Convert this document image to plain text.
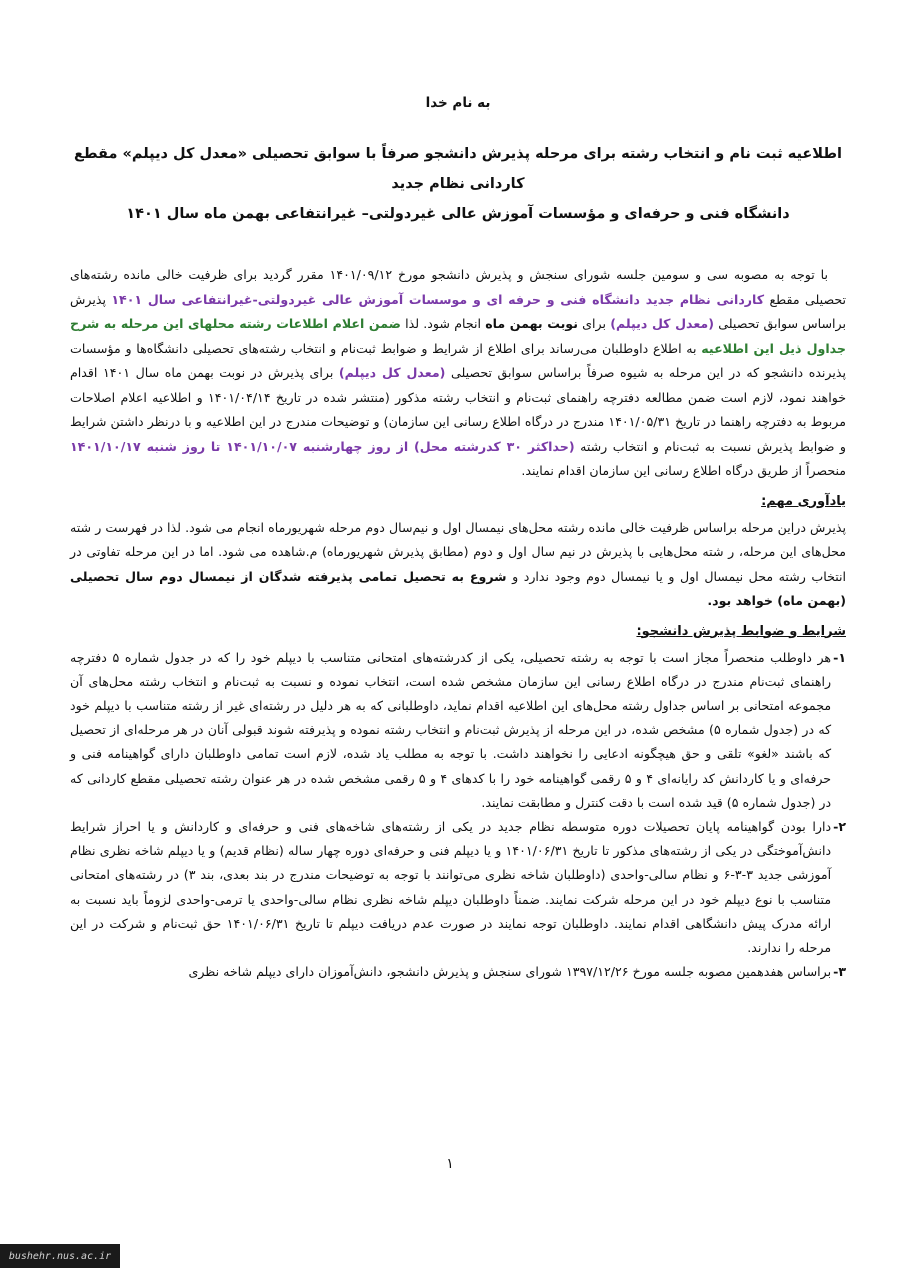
به نام خدا

اطلاعیه ثبت نام و انتخاب رشته برای مرحله پذیرش دانشجو صرفاً با سوابق تحصیلی «معدل کل دیپلم» مقطع کاردانی نظام جدید
دانشگاه فنی و حرفه‌ای و مؤسسات آموزش عالی غیردولتی– غیرانتفاعی بهمن ماه سال ۱۴۰۱

با توجه به مصوبه سی و سومین جلسه شورای سنجش و پذیرش دانشجو مورخ ۱۴۰۱/۰۹/۱۲ مقرر گردید برای ظرفیت خالی مانده رشته‌های تحصیلی مقطع کاردانی نظام جدید دانشگاه فنی و حرفه ای و موسسات آموزش عالی غیردولتی-غیرانتفاعی سال ۱۴۰۱ پذیرش براساس سوابق تحصیلی (معدل کل دیپلم) برای نوبت بهمن ماه انجام شود. لذا ضمن اعلام اطلاعات رشته محلهای این مرحله به شرح جداول ذیل این اطلاعیه به اطلاع داوطلبان می‌رساند برای اطلاع از شرایط و ضوابط ثبت‌نام و انتخاب رشته‌های تحصیلی دانشگاه‌ها و مؤسسات پذیرنده دانشجو که در این مرحله به شیوه صرفاً براساس سوابق تحصیلی (معدل کل دیپلم) برای پذیرش در نوبت بهمن ماه سال ۱۴۰۱ اقدام خواهند نمود، لازم است ضمن مطالعه دفترچه راهنمای ثبت‌نام و انتخاب رشته مذکور (منتشر شده در تاریخ ۱۴۰۱/۰۴/۱۴ و اطلاعیه اعلام اصلاحات مربوط به دفترچه راهنما در تاریخ ۱۴۰۱/۰۵/۳۱ مندرج در درگاه اطلاع رسانی این سازمان) و توضیحات مندرج در این اطلاعیه و با درنظر داشتن شرایط و ضوابط پذیرش نسبت به ثبت‌نام و انتخاب رشته (حداکثر ۳۰ کدرشته محل) از روز چهارشنبه ۱۴۰۱/۱۰/۰۷ تا روز شنبه ۱۴۰۱/۱۰/۱۷ منحصراً از طریق درگاه اطلاع رسانی این سازمان اقدام نمایند.

یادآوری مهم:

پذیرش دراین مرحله براساس ظرفیت خالی مانده رشته محل‌های نیمسال اول و نیم‌سال دوم مرحله شهریورماه انجام می شود. لذا در فهرست ر شته محل‌های این مرحله، ر شته محل‌هایی با پذیرش در نیم سال اول و دوم (مطابق پذیرش شهریورماه) م.شاهده می شود. اما در این مرحله تفاوتی در انتخاب رشته محل نیمسال اول و یا نیمسال دوم وجود ندارد و شروع به تحصیل تمامی پذیرفته شدگان از نیمسال دوم سال تحصیلی (بهمن ماه) خواهد بود.

شرایط و ضوابط پذیرش دانشجو:
۱-
هر داوطلب منحصراً مجاز است با توجه به رشته تحصیلی، یکی از کدرشته‌های امتحانی متناسب با دیپلم خود را که در جدول شماره ۵ دفترچه راهنمای ثبت‌نام مندرج در درگاه اطلاع رسانی این سازمان مشخص شده است، انتخاب نموده و نسبت به ثبت‌نام و انتخاب رشته محل‌های آن مجموعه امتحانی بر اساس جداول رشته محل‌های این اطلاعیه اقدام نماید، داوطلبانی که به هر دلیل در رشته‌ای غیر از رشته متناسب با دیپلم خود که در (جدول شماره ۵) مشخص شده، در این مرحله از پذیرش ثبت‌نام و انتخاب رشته نموده و پذیرفته شوند قبولی آنان در هر مرحله‌ای از تحصیل که باشند «لغو» تلقی و حق هیچگونه ادعایی را نخواهند داشت. با توجه به مطلب یاد شده، لازم است تمامی داوطلبان دارای گواهینامه فنی و حرفه‌ای و یا کاردانش کد رایانه‌ای ۴ و ۵ رقمی گواهینامه خود را با کدهای ۴ و ۵ رقمی مشخص شده در هر عنوان رشته تحصیلی مقطع کاردانی که در (جدول شماره ۵) قید شده است با دقت کنترل و مطابقت نمایند.
۲-
دارا بودن گواهینامه پایان تحصیلات دوره متوسطه نظام جدید در یکی از رشته‌های شاخه‌های فنی و حرفه‌ای و کاردانش و یا احراز شرایط دانش‌آموختگی در یکی از رشته‌های مذکور تا تاریخ ۱۴۰۱/۰۶/۳۱ و یا دیپلم فنی و حرفه‌ای دوره چهار ساله (نظام قدیم) و یا دیپلم شاخه نظری نظام آموزشی جدید ۳-۳-۶ و نظام سالی-واحدی (داوطلبان شاخه نظری می‌توانند با توجه به توضیحات مندرج در بند بعدی، بند ۳) در رشته‌های امتحانی متناسب با نوع دیپلم خود در این مرحله شرکت نمایند. ضمناً داوطلبان دیپلم شاخه نظری نظام سالی-واحدی یا ترمی-واحدی لزوماً باید نسبت به ارائه مدرک پیش دانشگاهی اقدام نمایند. داوطلبان توجه نمایند در صورت عدم دریافت دیپلم تا تاریخ ۱۴۰۱/۰۶/۳۱ حق ثبت‌نام و شرکت در این مرحله را ندارند.
۳-
براساس هفدهمین مصوبه جلسه مورخ ۱۳۹۷/۱۲/۲۶ شورای سنجش و پذیرش دانشجو، دانش‌آموزان دارای دیپلم شاخه نظری
۱
bushehr.nus.ac.ir
